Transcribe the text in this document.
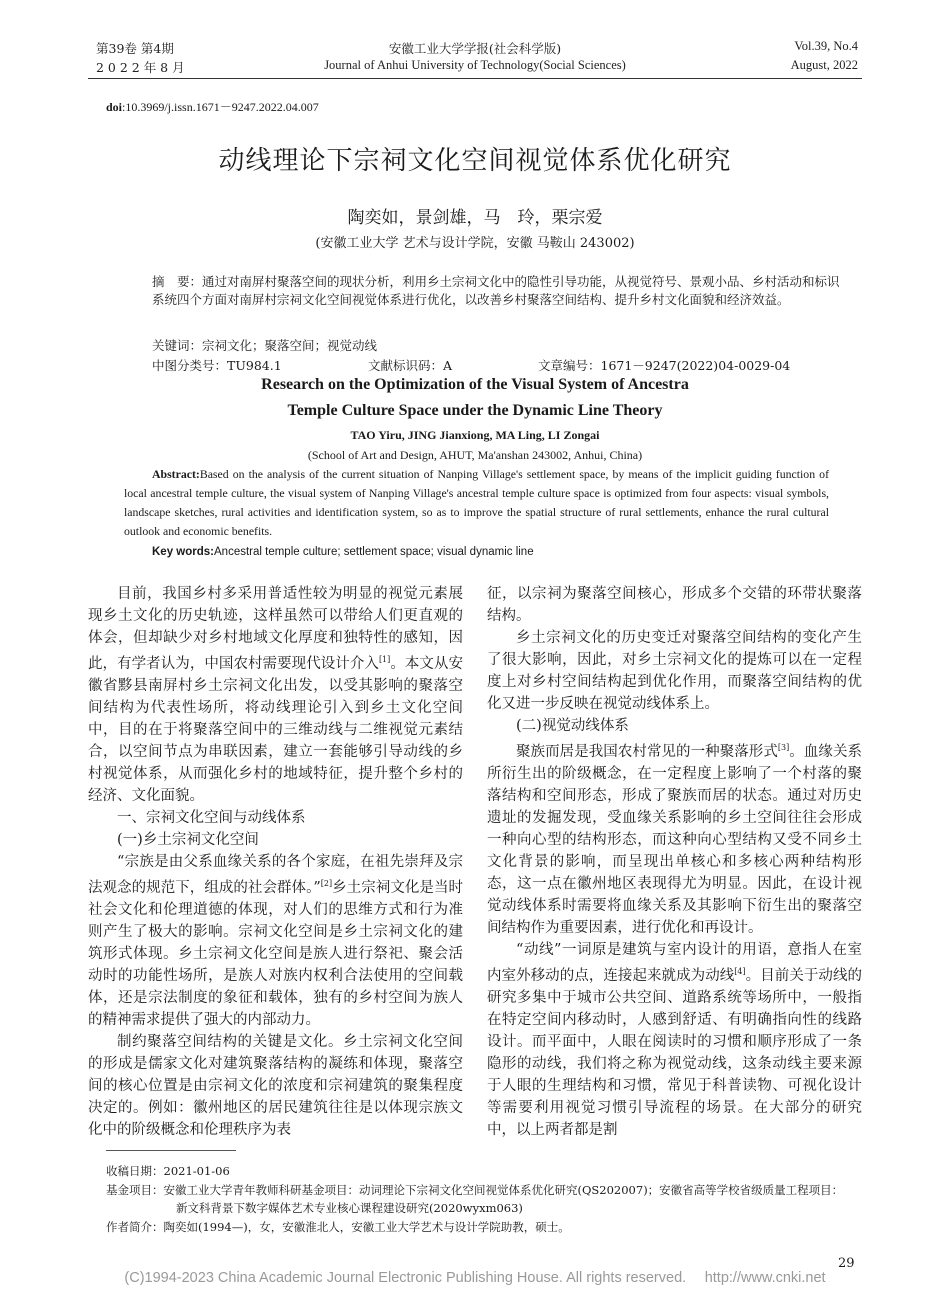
第39卷 第4期
2 0 2 2 年 8 月
安徽工业大学学报(社会科学版)
Journal of Anhui University of Technology(Social Sciences)
Vol.39, No.4
August, 2022
doi:10.3969/j.issn.1671－9247.2022.04.007
动线理论下宗祠文化空间视觉体系优化研究
陶奕如，景剑雄，马　玲，栗宗爱
(安徽工业大学 艺术与设计学院，安徽 马鞍山 243002)
摘　要：通过对南屏村聚落空间的现状分析，利用乡土宗祠文化中的隐性引导功能，从视觉符号、景观小品、乡村活动和标识系统四个方面对南屏村宗祠文化空间视觉体系进行优化，以改善乡村聚落空间结构、提升乡村文化面貌和经济效益。
关键词：宗祠文化；聚落空间；视觉动线
中图分类号：TU984.1	文献标识码：A	文章编号：1671－9247(2022)04-0029-04
Research on the Optimization of the Visual System of Ancestra
Temple Culture Space under the Dynamic Line Theory
TAO Yiru, JING Jianxiong, MA Ling, LI Zongai
(School of Art and Design, AHUT, Ma'anshan 243002, Anhui, China)
Abstract:Based on the analysis of the current situation of Nanping Village's settlement space, by means of the implicit guiding function of local ancestral temple culture, the visual system of Nanping Village's ancestral temple culture space is optimized from four aspects: visual symbols, landscape sketches, rural activities and identification system, so as to improve the spatial structure of rural settlements, enhance the rural cultural outlook and economic benefits.
Key words:Ancestral temple culture; settlement space; visual dynamic line

目前，我国乡村多采用普适性较为明显的视觉元素展现乡土文化的历史轨迹，这样虽然可以带给人们更直观的体会，但却缺少对乡村地域文化厚度和独特性的感知，因此，有学者认为，中国农村需要现代设计介入[1]。本文从安徽省黟县南屏村乡土宗祠文化出发，以受其影响的聚落空间结构为代表性场所，将动线理论引入到乡土文化空间中，目的在于将聚落空间中的三维动线与二维视觉元素结合，以空间节点为串联因素，建立一套能够引导动线的乡村视觉体系，从而强化乡村的地域特征，提升整个乡村的经济、文化面貌。

一、宗祠文化空间与动线体系

(一)乡土宗祠文化空间

“宗族是由父系血缘关系的各个家庭，在祖先崇拜及宗法观念的规范下，组成的社会群体。”[2]乡土宗祠文化是当时社会文化和伦理道德的体现，对人们的思维方式和行为准则产生了极大的影响。宗祠文化空间是乡土宗祠文化的建筑形式体现。乡土宗祠文化空间是族人进行祭祀、聚会活动时的功能性场所，是族人对族内权利合法使用的空间载体，还是宗法制度的象征和载体，独有的乡村空间为族人的精神需求提供了强大的内部动力。

制约聚落空间结构的关键是文化。乡土宗祠文化空间的形成是儒家文化对建筑聚落结构的凝练和体现，聚落空间的核心位置是由宗祠文化的浓度和宗祠建筑的聚集程度决定的。例如：徽州地区的居民建筑往往是以体现宗族文化中的阶级概念和伦理秩序为表

征，以宗祠为聚落空间核心，形成多个交错的环带状聚落结构。

乡土宗祠文化的历史变迁对聚落空间结构的变化产生了很大影响，因此，对乡土宗祠文化的提炼可以在一定程度上对乡村空间结构起到优化作用，而聚落空间结构的优化又进一步反映在视觉动线体系上。

(二)视觉动线体系

聚族而居是我国农村常见的一种聚落形式[3]。血缘关系所衍生出的阶级概念，在一定程度上影响了一个村落的聚落结构和空间形态，形成了聚族而居的状态。通过对历史遗址的发掘发现，受血缘关系影响的乡土空间往往会形成一种向心型的结构形态，而这种向心型结构又受不同乡土文化背景的影响，而呈现出单核心和多核心两种结构形态，这一点在徽州地区表现得尤为明显。因此，在设计视觉动线体系时需要将血缘关系及其影响下衍生出的聚落空间结构作为重要因素，进行优化和再设计。

“动线”一词原是建筑与室内设计的用语，意指人在室内室外移动的点，连接起来就成为动线[4]。目前关于动线的研究多集中于城市公共空间、道路系统等场所中，一般指在特定空间内移动时，人感到舒适、有明确指向性的线路设计。而平面中，人眼在阅读时的习惯和顺序形成了一条隐形的动线，我们将之称为视觉动线，这条动线主要来源于人眼的生理结构和习惯，常见于科普读物、可视化设计等需要利用视觉习惯引导流程的场景。在大部分的研究中，以上两者都是割

收稿日期：2021-01-06
基金项目：安徽工业大学青年教师科研基金项目：动词理论下宗祠文化空间视觉体系优化研究(QS202007)；安徽省高等学校省级质量工程项目：
新文科背景下数字媒体艺术专业核心课程建设研究(2020wyxm063)
作者简介：陶奕如(1994—)，女，安徽淮北人，安徽工业大学艺术与设计学院助教，硕士。
29
(C)1994-2023 China Academic Journal Electronic Publishing House. All rights reserved.　 http://www.cnki.net
